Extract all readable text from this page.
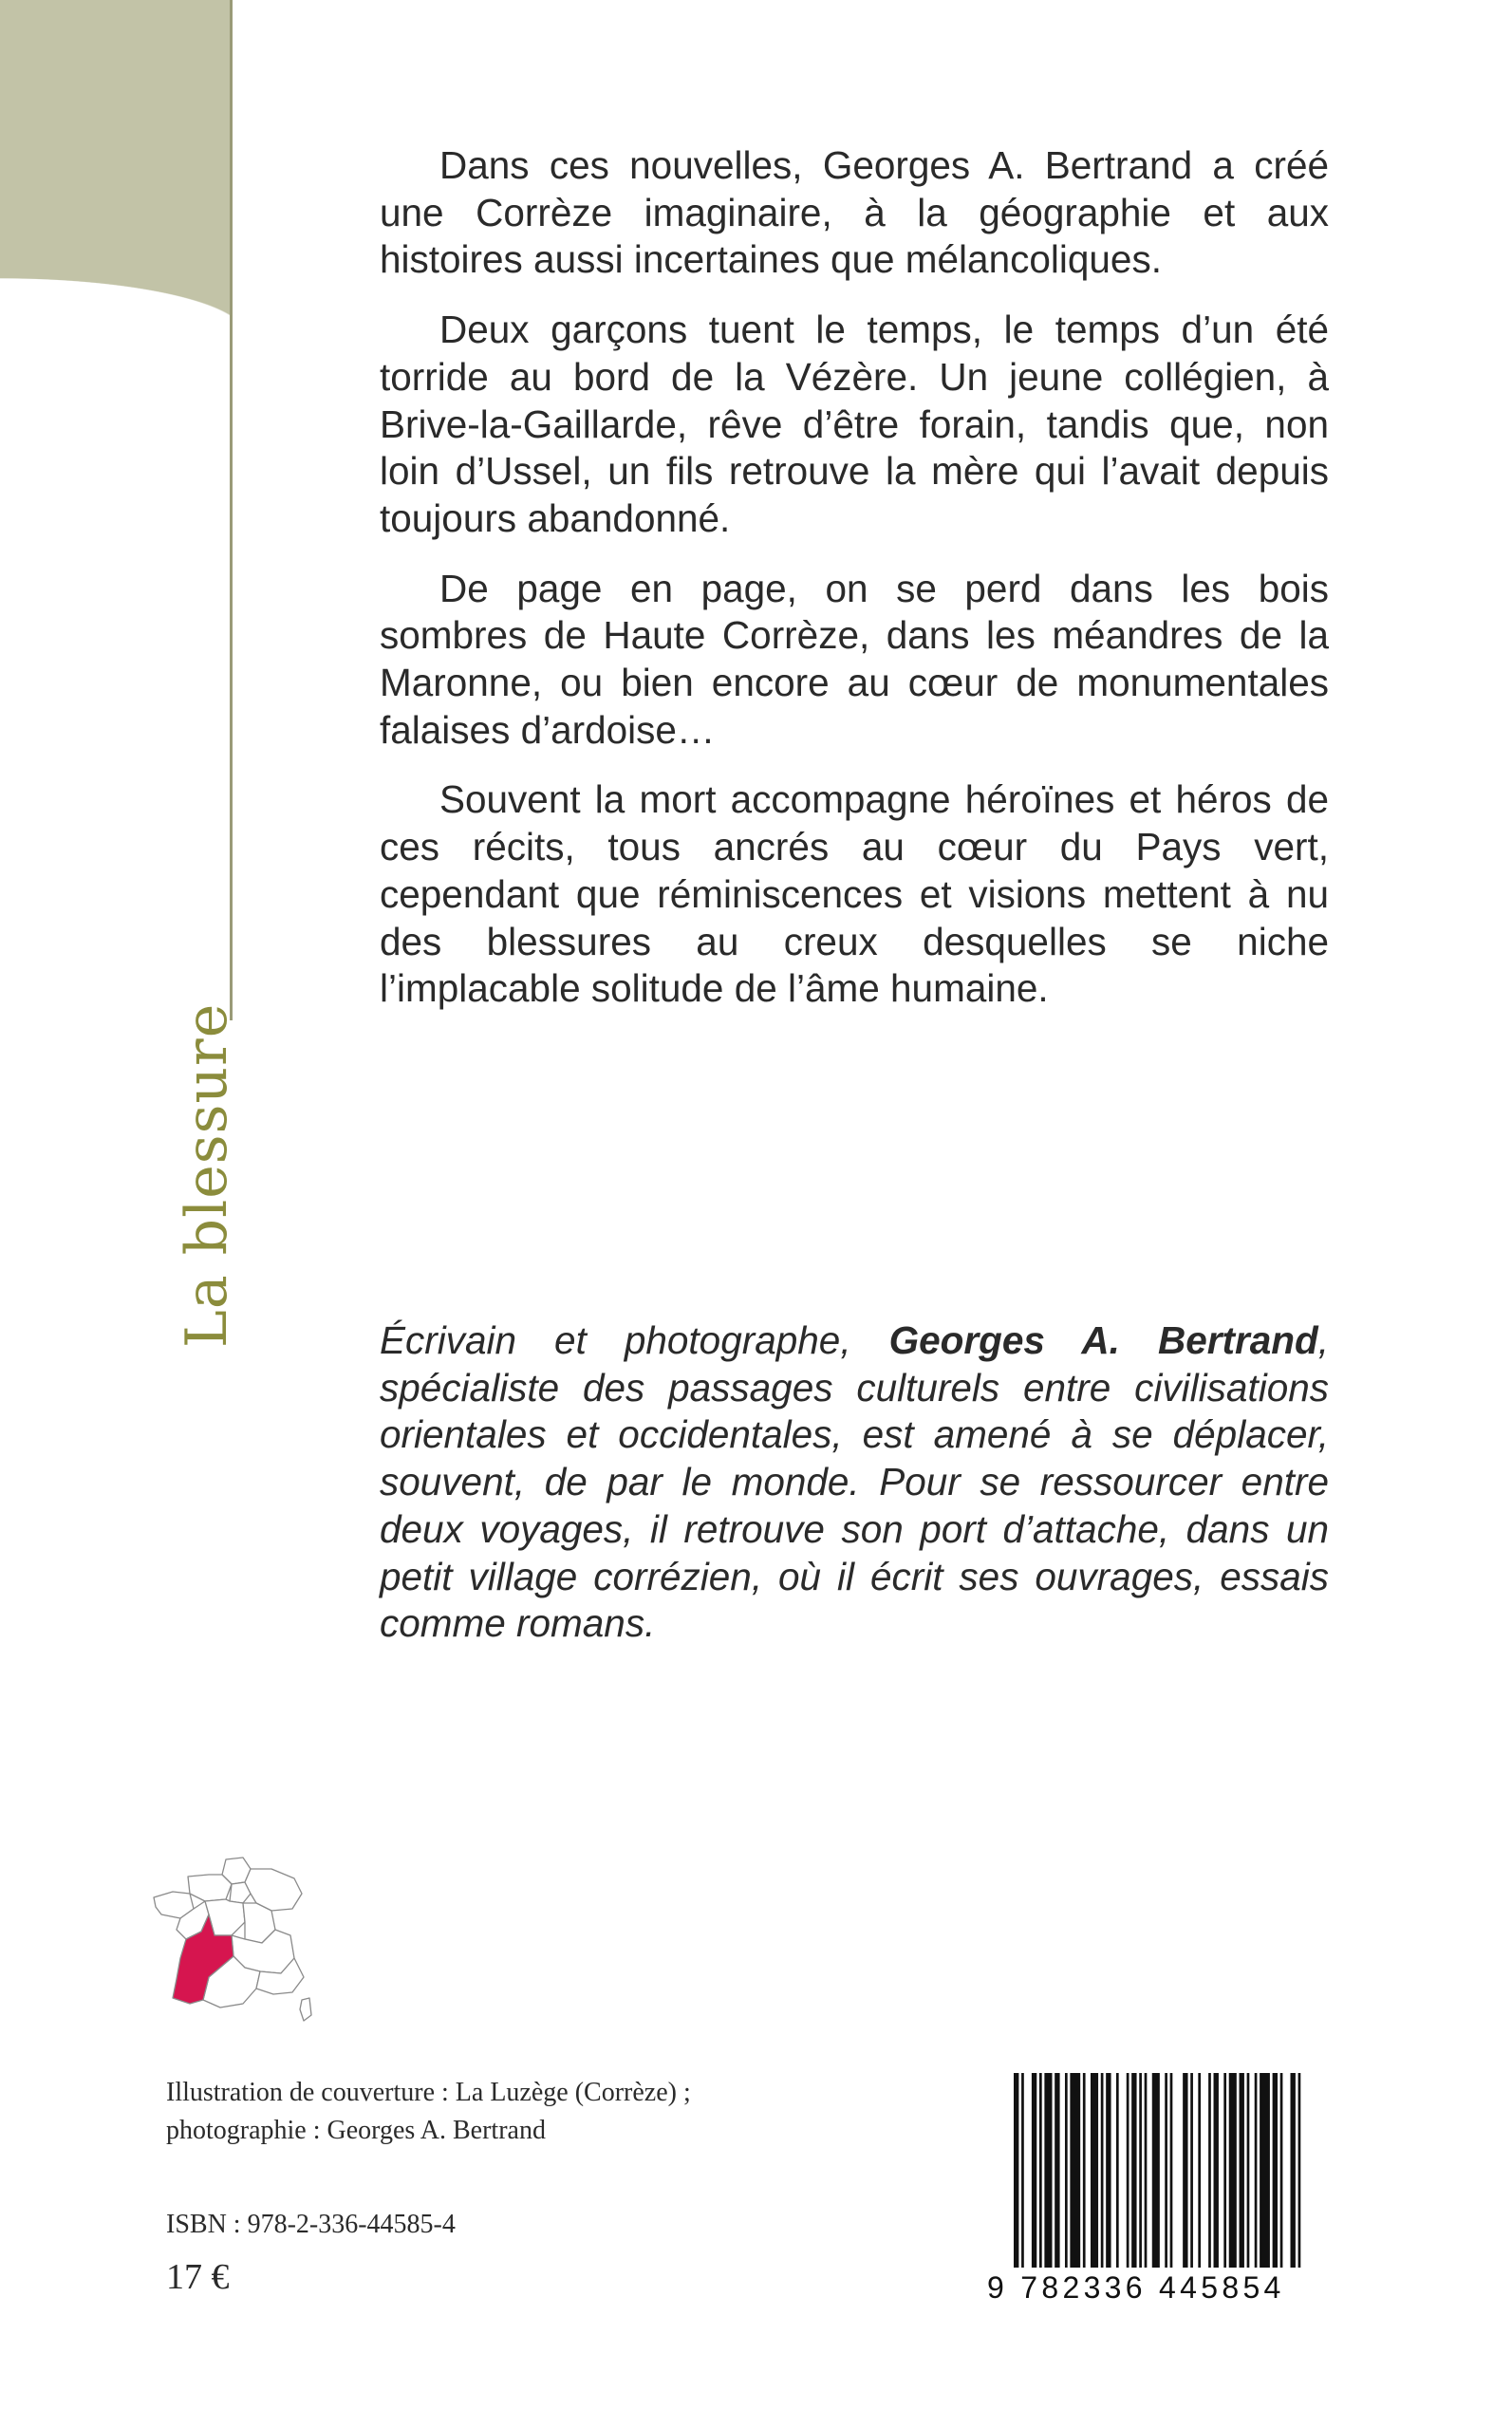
La blessure

Dans ces nouvelles, Georges A. Bertrand a créé une Corrèze imaginaire, à la géographie et aux histoires aussi incertaines que mélancoliques.

Deux garçons tuent le temps, le temps d’un été torride au bord de la Vézère. Un jeune collégien, à Brive-la-Gaillarde, rêve d’être forain, tandis que, non loin d’Ussel, un fils retrouve la mère qui l’avait depuis toujours abandonné.

De page en page, on se perd dans les bois sombres de Haute Corrèze, dans les méandres de la Maronne, ou bien encore au cœur de monumentales falaises d’ardoise…

Souvent la mort accompagne héroïnes et héros de ces récits, tous ancrés au cœur du Pays vert, cependant que réminiscences et visions mettent à nu des blessures au creux desquelles se niche l’implacable solitude de l’âme humaine.

Écrivain et photographe, Georges A. Bertrand, spécialiste des passages culturels entre civilisations orientales et occidentales, est amené à se déplacer, souvent, de par le monde. Pour se ressourcer entre deux voyages, il retrouve son port d’attache, dans un petit village corrézien, où il écrit ses ouvrages, essais comme romans.
Illustration de couverture : La Luzège (Corrèze) ;
photographie : Georges A. Bertrand
ISBN : 978-2-336-44585-4
17 €	9 782336 445854
